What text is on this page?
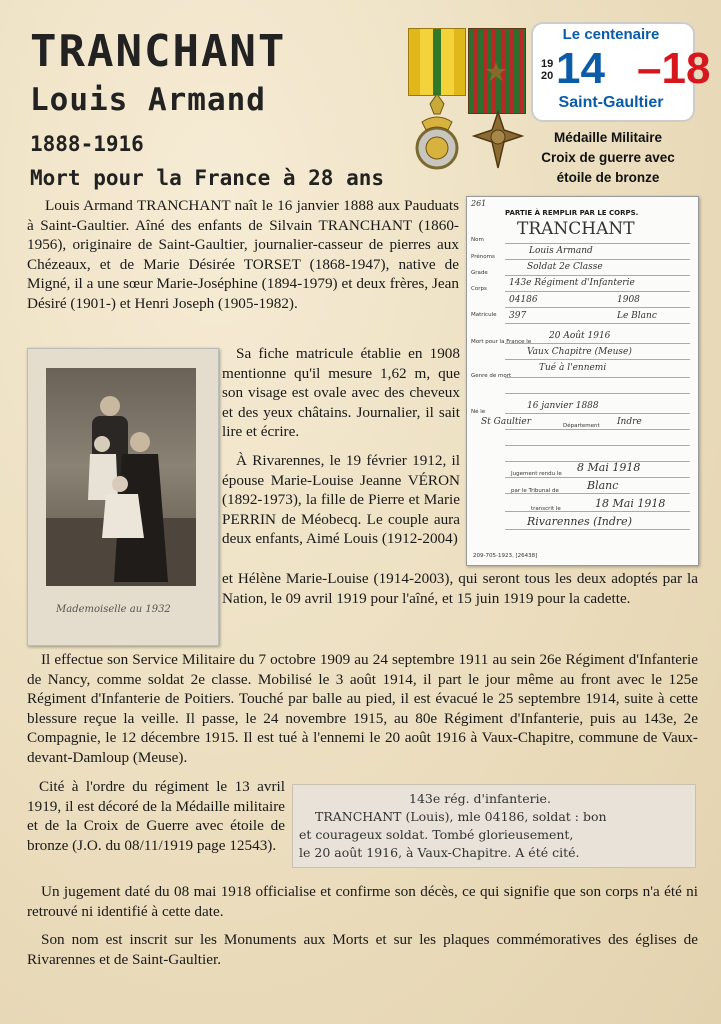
TRANCHANT
Louis Armand
1888-1916
Mort pour la France à 28 ans
Le centenaire
19
20 14 –18
Saint-Gaultier
Médaille Militaire
Croix de guerre avec
étoile de bronze

Louis Armand TRANCHANT naît le 16 janvier 1888 aux Pauduats à Saint-Gaultier. Aîné des enfants de Silvain TRANCHANT (1860-1956), originaire de Saint-Gaultier, journalier-casseur de pierres aux Chézeaux, et de Marie Désirée TORSET (1868-1947), native de Migné, il a une sœur Marie-Joséphine (1894-1979) et deux frères, Jean Désiré (1901-) et Henri Joseph (1905-1982).

261
PARTIE À REMPLIR PAR LE CORPS.
Nom
TRANCHANT
Prénoms
Louis Armand
Grade
Soldat 2e Classe
Corps
143e Régiment d'Infanterie
Matricule
04186	1908
397	Le Blanc
Mort pour la France le
20 Août 1916
Vaux Chapitre (Meuse)
Genre de mort
Tué à l'ennemi
Né le
16 janvier 1888
St Gaultier	Département Indre
Jugement rendu le 8 Mai 1918
par le Tribunal de	Blanc
transcrit le	18 Mai 1918
Rivarennes (Indre)
209-705-1923. [26438]
Mademoiselle au 1932

Sa fiche matricule établie en 1908 mentionne qu'il mesure 1,62 m, que son visage est ovale avec des cheveux et des yeux châtains. Journalier, il sait lire et écrire.

À Rivarennes, le 19 février 1912, il épouse Marie-Louise Jeanne VÉRON (1892-1973), la fille de Pierre et Marie PERRIN de Méobecq. Le couple aura deux enfants, Aimé Louis (1912-2004)

et Hélène Marie-Louise (1914-2003), qui seront tous les deux adoptés par la Nation, le 09 avril 1919 pour l'aîné, et 15 juin 1919 pour la cadette.

Il effectue son Service Militaire du 7 octobre 1909 au 24 septembre 1911 au sein 26e Régiment d'Infanterie de Nancy, comme soldat 2e classe. Mobilisé le 3 août 1914, il part le jour même au front avec le 125e Régiment d'Infanterie de Poitiers. Touché par balle au pied, il est évacué le 25 septembre 1914, suite à cette blessure reçue la veille. Il passe, le 24 novembre 1915, au 80e Régiment d'Infanterie, puis au 143e, 2e Compagnie, le 12 décembre 1915. Il est tué à l'ennemi le 20 août 1916 à Vaux-Chapitre, commune de Vaux-devant-Damloup (Meuse).

Cité à l'ordre du régiment le 13 avril 1919, il est décoré de la Médaille militaire et de la Croix de Guerre avec étoile de bronze (J.O. du 08/11/1919 page 12543).

143e rég. d'infanterie.
TRANCHANT (Louis), mle 04186, soldat : bon
et courageux soldat. Tombé glorieusement,
le 20 août 1916, à Vaux-Chapitre. A été cité.

Un jugement daté du 08 mai 1918 officialise et confirme son décès, ce qui signifie que son corps n'a été ni retrouvé ni identifié à cette date.

Son nom est inscrit sur les Monuments aux Morts et sur les plaques commémoratives des églises de Rivarennes et de Saint-Gaultier.
